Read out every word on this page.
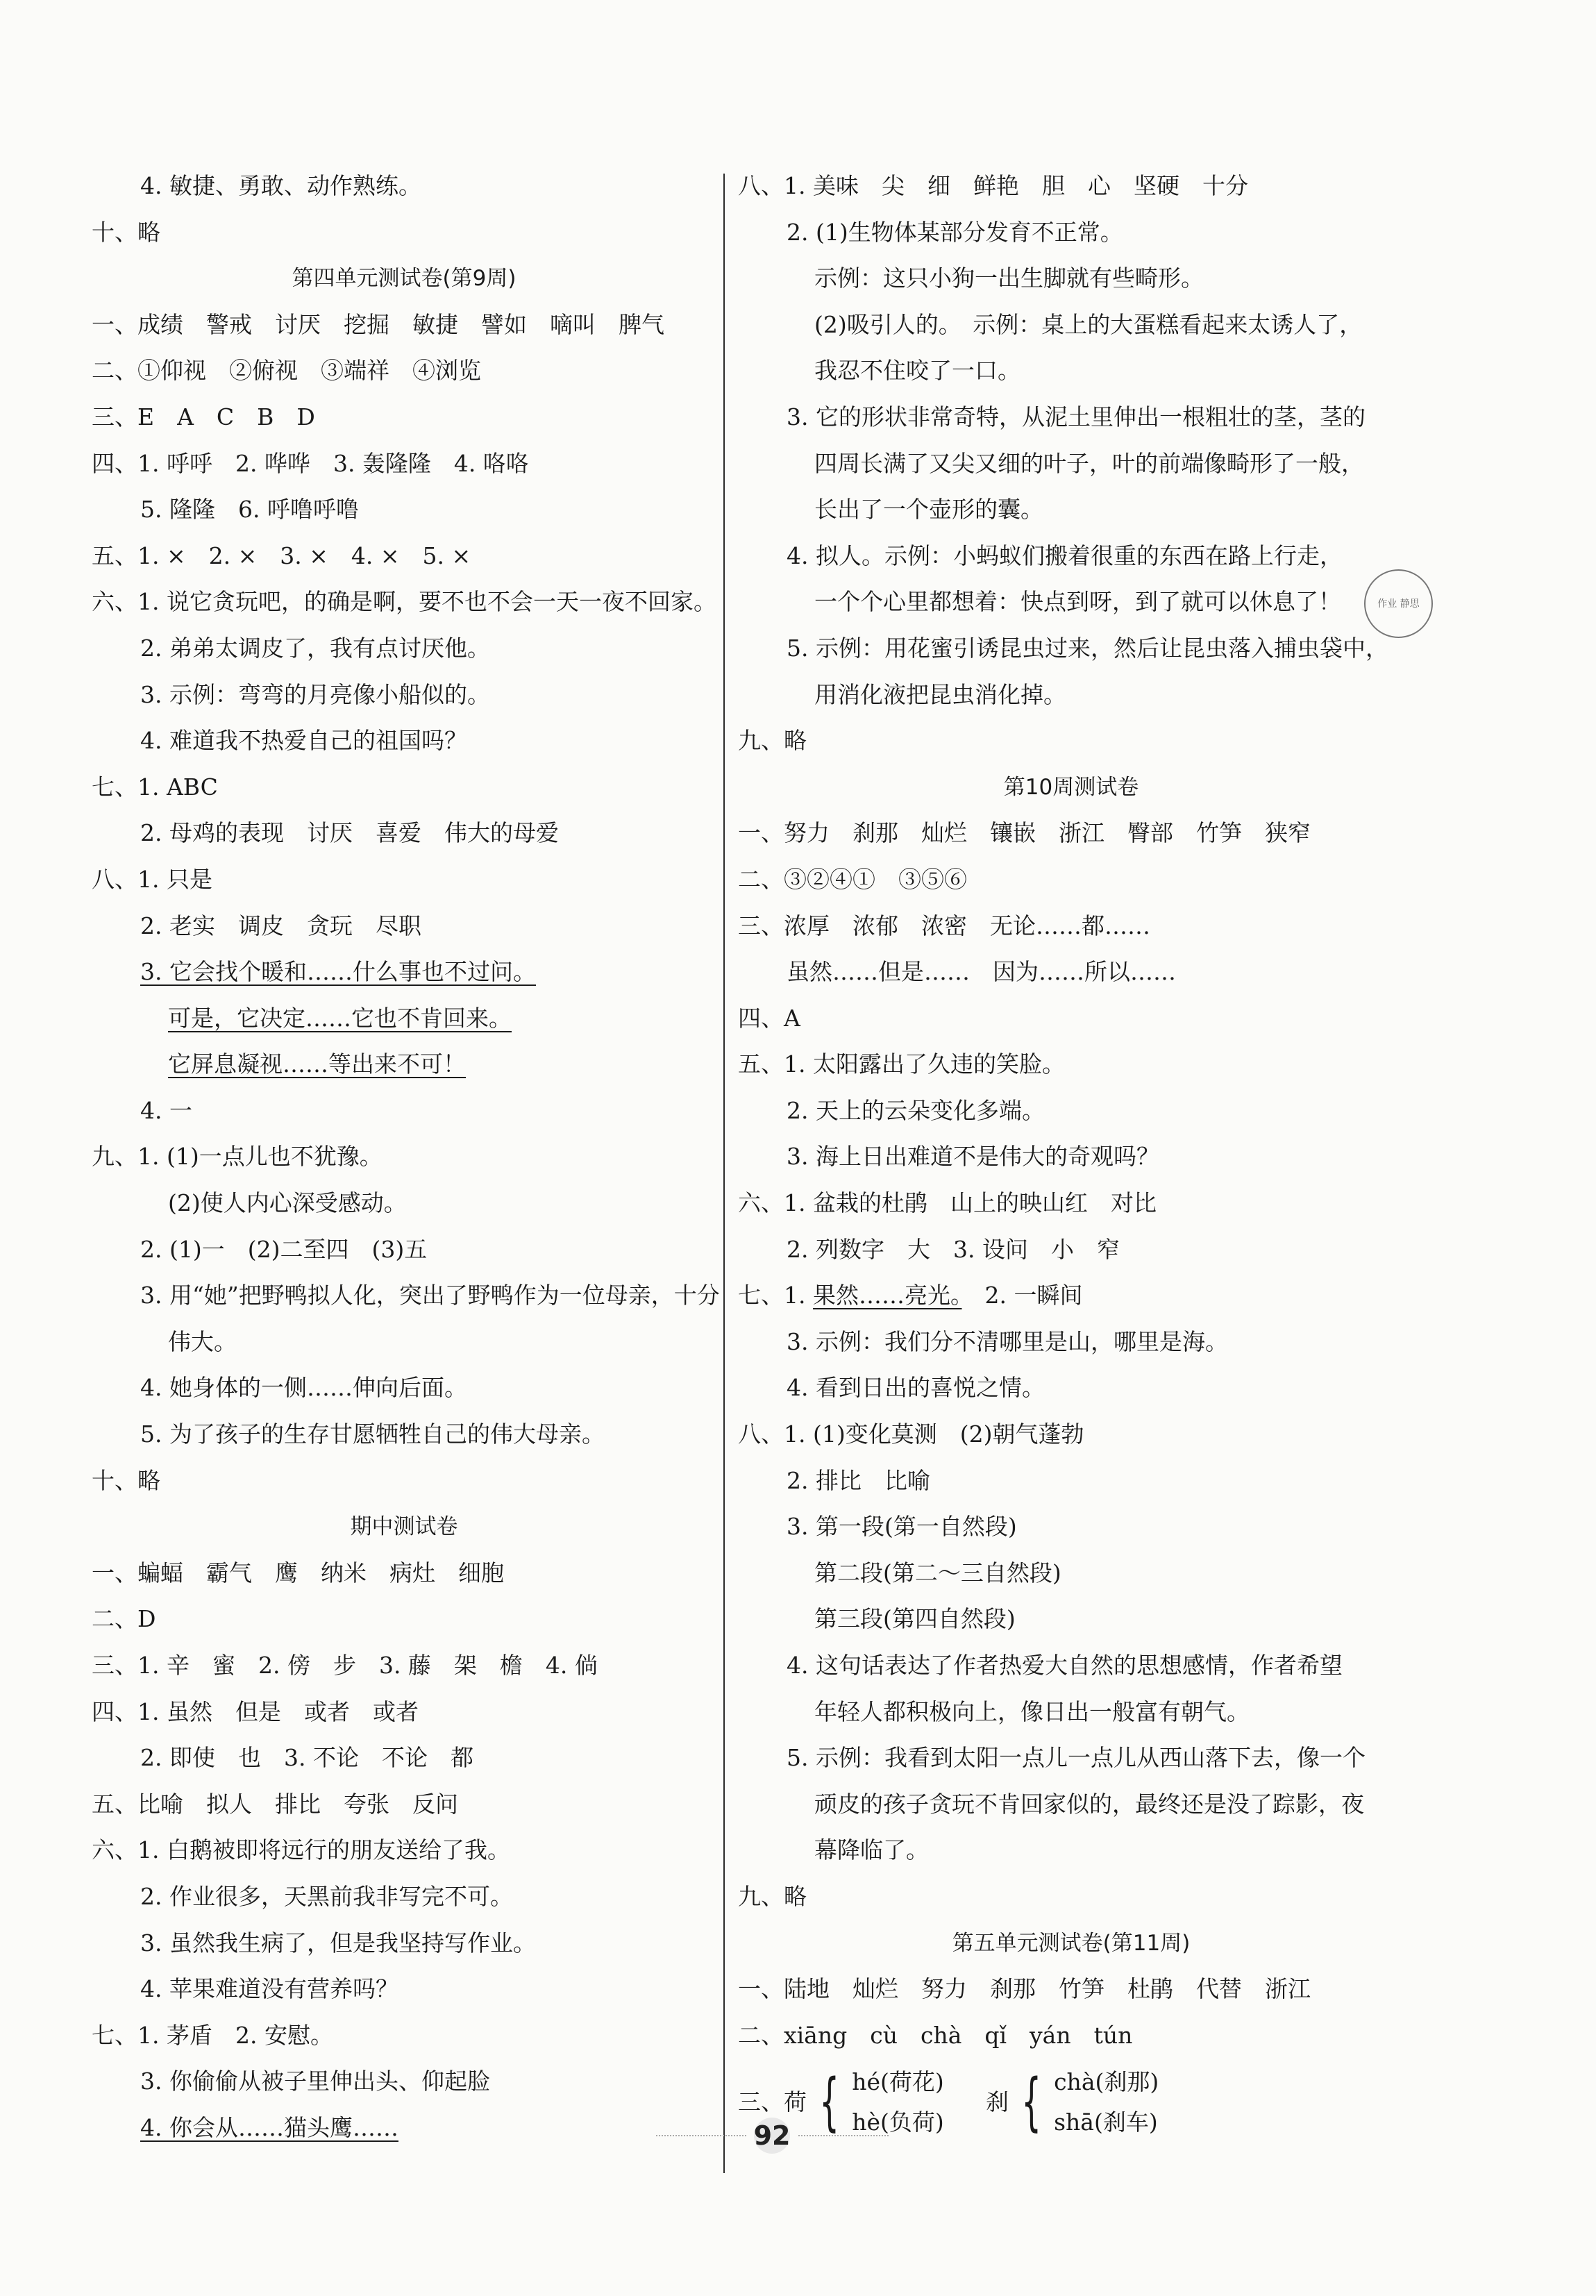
4. 敏捷、勇敢、动作熟练。
十、略
第四单元测试卷(第9周)
一、成绩　警戒　讨厌　挖掘　敏捷　譬如　嘀叫　脾气
二、①仰视　②俯视　③端祥　④浏览
三、E　A　C　B　D
四、1. 呼呼　2. 哗哗　3. 轰隆隆　4. 咯咯
5. 隆隆　6. 呼噜呼噜
五、1. ×　2. ×　3. ×　4. ×　5. ×
六、1. 说它贪玩吧，的确是啊，要不也不会一天一夜不回家。
2. 弟弟太调皮了，我有点讨厌他。
3. 示例：弯弯的月亮像小船似的。
4. 难道我不热爱自己的祖国吗？
七、1. ABC
2. 母鸡的表现　讨厌　喜爱　伟大的母爱
八、1. 只是
2. 老实　调皮　贪玩　尽职
3. 它会找个暖和……什么事也不过问。
可是，它决定……它也不肯回来。
它屏息凝视……等出来不可！
4. 一
九、1. (1)一点儿也不犹豫。
(2)使人内心深受感动。
2. (1)一　(2)二至四　(3)五
3. 用“她”把野鸭拟人化，突出了野鸭作为一位母亲，十分
伟大。
4. 她身体的一侧……伸向后面。
5. 为了孩子的生存甘愿牺牲自己的伟大母亲。
十、略
期中测试卷
一、蝙蝠　霸气　鹰　纳米　病灶　细胞
二、D
三、1. 辛　蜜　2. 傍　步　3. 藤　架　檐　4. 倘
四、1. 虽然　但是　或者　或者
2. 即使　也　3. 不论　不论　都
五、比喻　拟人　排比　夸张　反问
六、1. 白鹅被即将远行的朋友送给了我。
2. 作业很多，天黑前我非写完不可。
3. 虽然我生病了，但是我坚持写作业。
4. 苹果难道没有营养吗？
七、1. 茅盾　2. 安慰。
3. 你偷偷从被子里伸出头、仰起脸
4. 你会从……猫头鹰……
八、1. 美味　尖　细　鲜艳　胆　心　坚硬　十分
2. (1)生物体某部分发育不正常。
示例：这只小狗一出生脚就有些畸形。
(2)吸引人的。　示例：桌上的大蛋糕看起来太诱人了，
我忍不住咬了一口。
3. 它的形状非常奇特，从泥土里伸出一根粗壮的茎，茎的
四周长满了又尖又细的叶子，叶的前端像畸形了一般，
长出了一个壶形的囊。
4. 拟人。示例：小蚂蚁们搬着很重的东西在路上行走，
一个个心里都想着：快点到呀，到了就可以休息了！
5. 示例：用花蜜引诱昆虫过来，然后让昆虫落入捕虫袋中，
用消化液把昆虫消化掉。
九、略
第10周测试卷
一、努力　刹那　灿烂　镶嵌　浙江　臀部　竹笋　狭窄
二、③②④①　③⑤⑥
三、浓厚　浓郁　浓密　无论……都……
虽然……但是……　因为……所以……
四、A
五、1. 太阳露出了久违的笑脸。
2. 天上的云朵变化多端。
3. 海上日出难道不是伟大的奇观吗？
六、1. 盆栽的杜鹃　山上的映山红　对比
2. 列数字　大　3. 设问　小　窄
七、1. 果然……亮光。　2. 一瞬间
3. 示例：我们分不清哪里是山，哪里是海。
4. 看到日出的喜悦之情。
八、1. (1)变化莫测　(2)朝气蓬勃
2. 排比　比喻
3. 第一段(第一自然段)
第二段(第二～三自然段)
第三段(第四自然段)
4. 这句话表达了作者热爱大自然的思想感情，作者希望
年轻人都积极向上，像日出一般富有朝气。
5. 示例：我看到太阳一点儿一点儿从西山落下去，像一个
顽皮的孩子贪玩不肯回家似的，最终还是没了踪影，夜
幕降临了。
九、略
第五单元测试卷(第11周)
一、陆地　灿烂　努力　刹那　竹笋　杜鹃　代替　浙江
二、xiāng　cù　chà　qǐ　yán　tún
三、 荷 { hé(荷花)
hè(负荷)
刹 { chà(刹那)
shā(刹车)
作业 静思
92
